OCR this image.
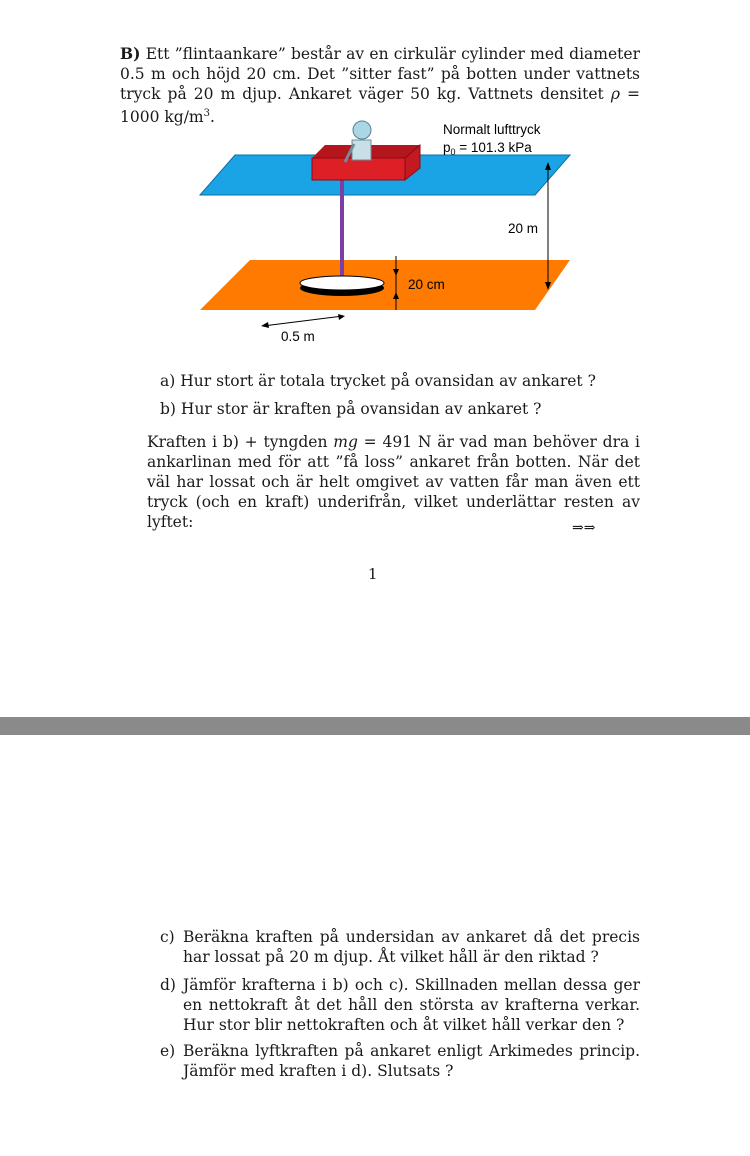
B) Ett ”flintaankare” består av en cirkulär cylinder med diameter 0.5 m och höjd 20 cm. Det ”sitter fast” på botten under vattnets tryck på 20 m djup. Ankaret väger 50 kg. Vattnets densitet ρ = 1000 $kg/m^3$.
Normalt lufttryck
$p_0 = 101.3$ kPa
20 m
20 cm
0.5 m
a) Hur stort är totala trycket på ovansidan av ankaret ?
b) Hur stor är kraften på ovansidan av ankaret ?
Kraften i b) + tyngden mg = 491 N är vad man behöver dra i ankarlinan med för att ”få loss” ankaret från botten. När det väl har lossat och är helt omgivet av vatten får man även ett tryck (och en kraft) underifrån, vilket underlättar resten av lyftet:	⇒⇒
1
c) Beräkna kraften på undersidan av ankaret då det precis har lossat på 20 m djup. Åt vilket håll är den riktad ?
d) Jämför krafterna i b) och c). Skillnaden mellan dessa ger en nettokraft åt det håll den största av krafterna verkar. Hur stor blir nettokraften och åt vilket håll verkar den ?
e) Beräkna lyftkraften på ankaret enligt Arkimedes princip. Jämför med kraften i d). Slutsats ?
